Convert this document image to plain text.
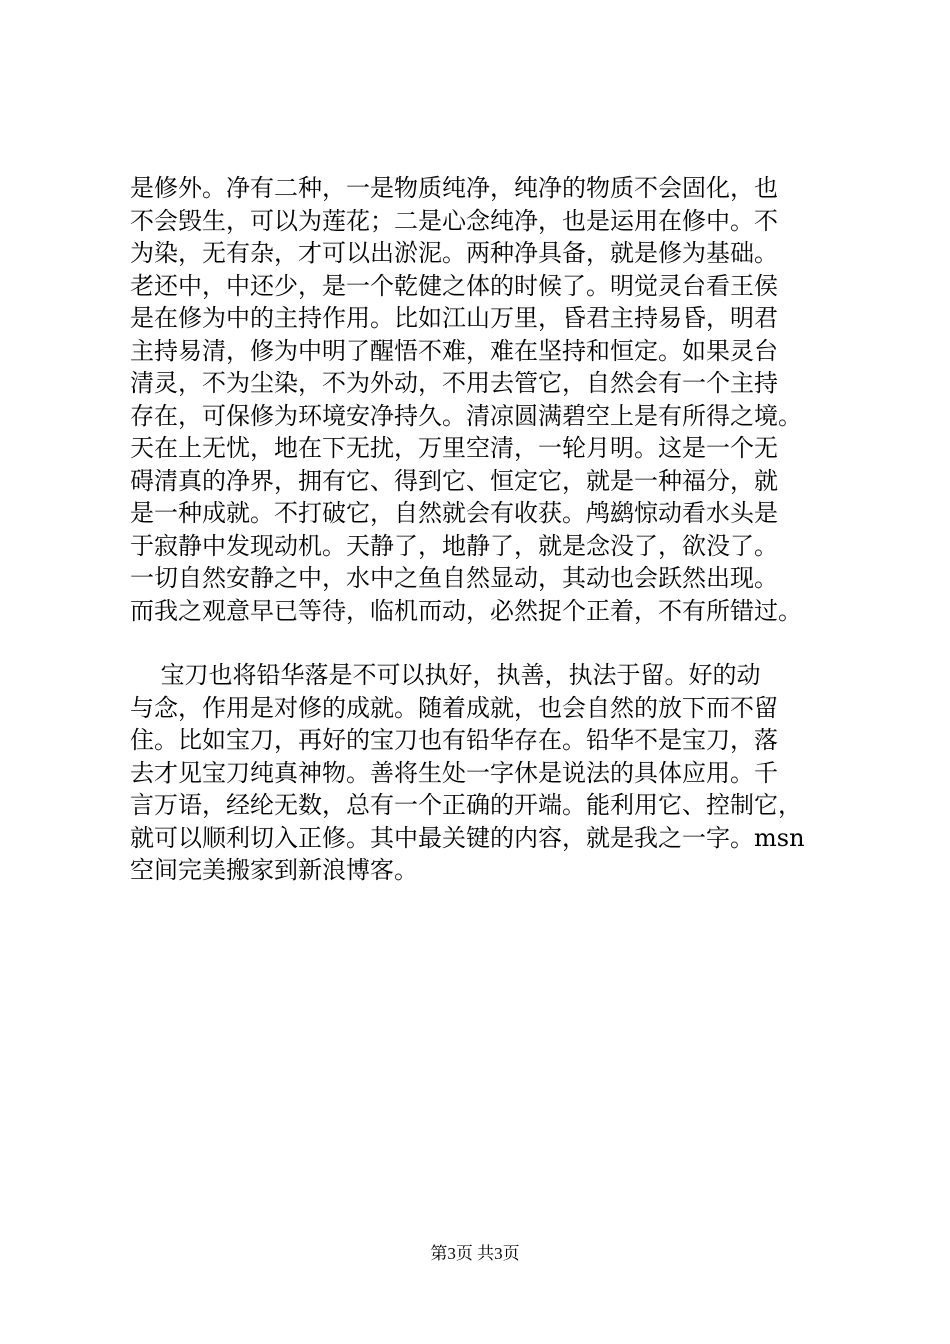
是修外。净有二种，一是物质纯净，纯净的物质不会固化，也
不会毁生，可以为莲花；二是心念纯净，也是运用在修中。不
为染，无有杂，才可以出淤泥。两种净具备，就是修为基础。
老还中，中还少，是一个乾健之体的时候了。明觉灵台看王侯
是在修为中的主持作用。比如江山万里，昏君主持易昏，明君
主持易清，修为中明了醒悟不难，难在坚持和恒定。如果灵台
清灵，不为尘染，不为外动，不用去管它，自然会有一个主持
存在，可保修为环境安净持久。清凉圆满碧空上是有所得之境。
天在上无忧，地在下无扰，万里空清，一轮月明。这是一个无
碍清真的净界，拥有它、得到它、恒定它，就是一种福分，就
是一种成就。不打破它，自然就会有收获。鸬鹚惊动看水头是
于寂静中发现动机。天静了，地静了，就是念没了，欲没了。
一切自然安静之中，水中之鱼自然显动，其动也会跃然出现。
而我之观意早已等待，临机而动，必然捉个正着，不有所错过。
宝刀也将铅华落是不可以执好，执善，执法于留。好的动
与念，作用是对修的成就。随着成就，也会自然的放下而不留
住。比如宝刀，再好的宝刀也有铅华存在。铅华不是宝刀，落
去才见宝刀纯真神物。善将生处一字休是说法的具体应用。千
言万语，经纶无数，总有一个正确的开端。能利用它、控制它，
就可以顺利切入正修。其中最关键的内容，就是我之一字。msn
空间完美搬家到新浪博客。
第3页 共3页
